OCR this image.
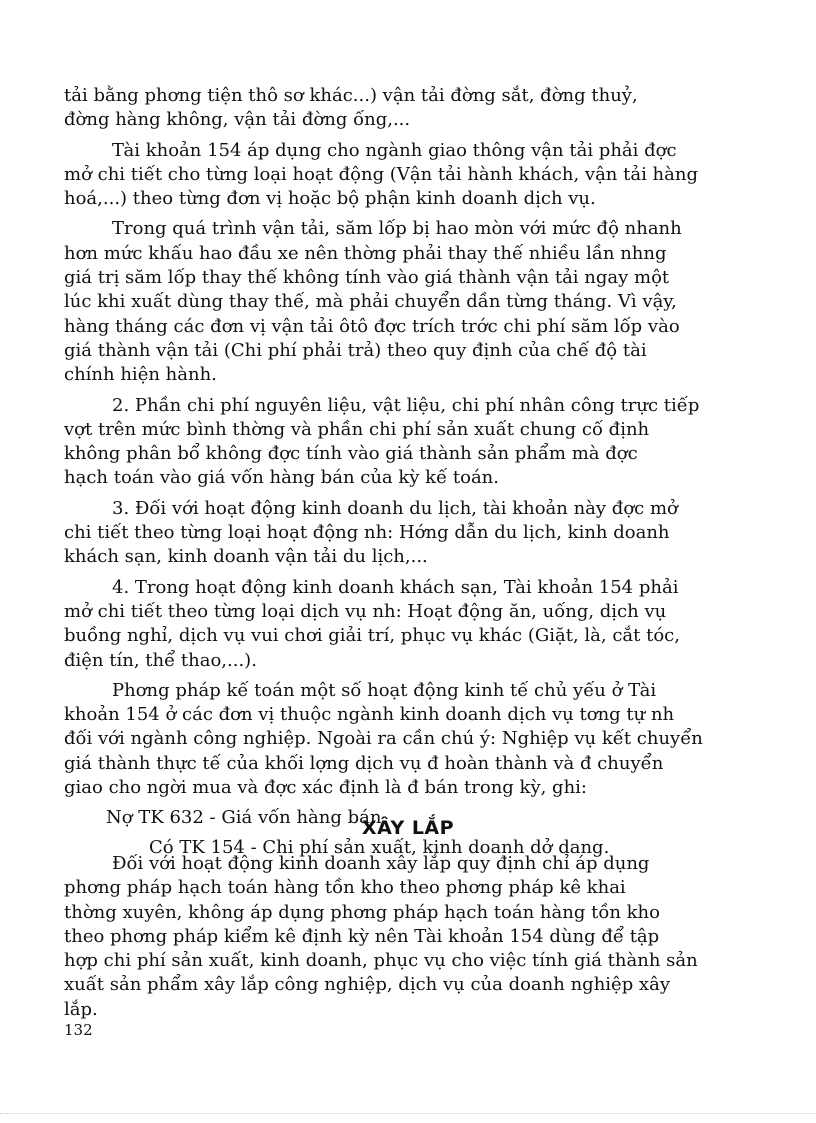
tải bằng phơng tiện thô sơ khác...) vận tải đờng sắt, đờng thuỷ,
đờng hàng không, vận tải đờng ống,...

Tài khoản 154 áp dụng cho ngành giao thông vận tải phải đợc
mở chi tiết cho từng loại hoạt động (Vận tải hành khách, vận tải hàng
hoá,...) theo từng đơn vị hoặc bộ phận kinh doanh dịch vụ.

Trong quá trình vận tải, săm lốp bị hao mòn với mức độ nhanh
hơn mức khấu hao đầu xe nên thờng phải thay thế nhiều lần nhng
giá trị săm lốp thay thế không tính vào giá thành vận tải ngay một
lúc khi xuất dùng thay thế, mà phải chuyển dần từng tháng. Vì vậy,
hàng tháng các đơn vị vận tải ôtô đợc trích trớc chi phí săm lốp vào
giá thành vận tải (Chi phí phải trả) theo quy định của chế độ tài
chính hiện hành.

2. Phần chi phí nguyên liệu, vật liệu, chi phí nhân công trực tiếp
vợt trên mức bình thờng và phần chi phí sản xuất chung cố định
không phân bổ không đợc tính vào giá thành sản phẩm mà đợc
hạch toán vào giá vốn hàng bán của kỳ kế toán.

3. Đối với hoạt động kinh doanh du lịch, tài khoản này đợc mở
chi tiết theo từng loại hoạt động nh: Hớng dẫn du lịch, kinh doanh
khách sạn, kinh doanh vận tải du lịch,...

4. Trong hoạt động kinh doanh khách sạn, Tài khoản 154 phải
mở chi tiết theo từng loại dịch vụ nh: Hoạt động ăn, uống, dịch vụ
buồng nghỉ, dịch vụ vui chơi giải trí, phục vụ khác (Giặt, là, cắt tóc,
điện tín, thể thao,...).

Phơng pháp kế toán một số hoạt động kinh tế chủ yếu ở Tài
khoản 154 ở các đơn vị thuộc ngành kinh doanh dịch vụ tơng tự nh
đối với ngành công nghiệp. Ngoài ra cần chú ý: Nghiệp vụ kết chuyển
giá thành thực tế của khối lợng dịch vụ đ hoàn thành và đ chuyển
giao cho ngời mua và đợc xác định là đ bán trong kỳ, ghi:

Nợ TK 632 - Giá vốn hàng bán
Có TK 154 - Chi phí sản xuất, kinh doanh dở dang.
XÂY LẮP

Đối với hoạt động kinh doanh xây lắp quy định chỉ áp dụng
phơng pháp hạch toán hàng tồn kho theo phơng pháp kê khai
thờng xuyên, không áp dụng phơng pháp hạch toán hàng tồn kho
theo phơng pháp kiểm kê định kỳ nên Tài khoản 154 dùng để tập
hợp chi phí sản xuất, kinh doanh, phục vụ cho việc tính giá thành sản
xuất sản phẩm xây lắp công nghiệp, dịch vụ của doanh nghiệp xây
lắp.

132
